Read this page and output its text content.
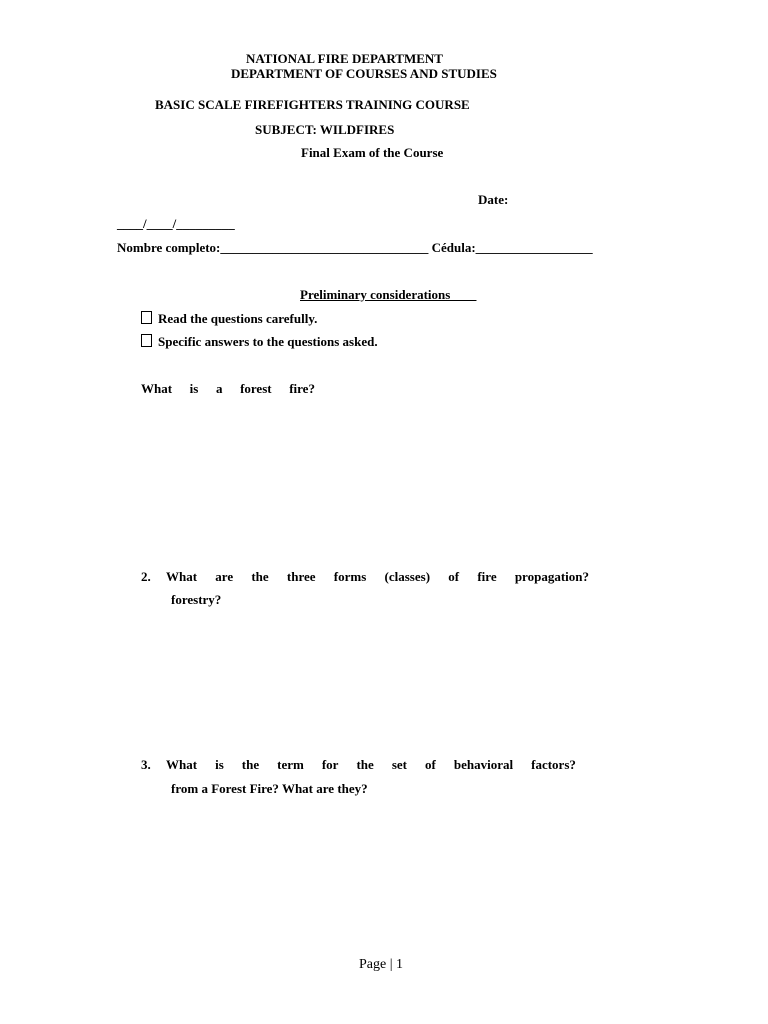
NATIONAL FIRE DEPARTMENT
DEPARTMENT OF COURSES AND STUDIES
BASIC SCALE FIREFIGHTERS TRAINING COURSE
SUBJECT: WILDFIRES
Final Exam of the Course
Date:
____/____/_________
Nombre completo:________________________________ Cédula:__________________
Preliminary considerations____
Read the questions carefully.
Specific answers to the questions asked.
What is a forest fire?
2. What are the three forms (classes) of fire propagation?
forestry?
3. What is the term for the set of behavioral factors?
from a Forest Fire? What are they?
Page | 1
